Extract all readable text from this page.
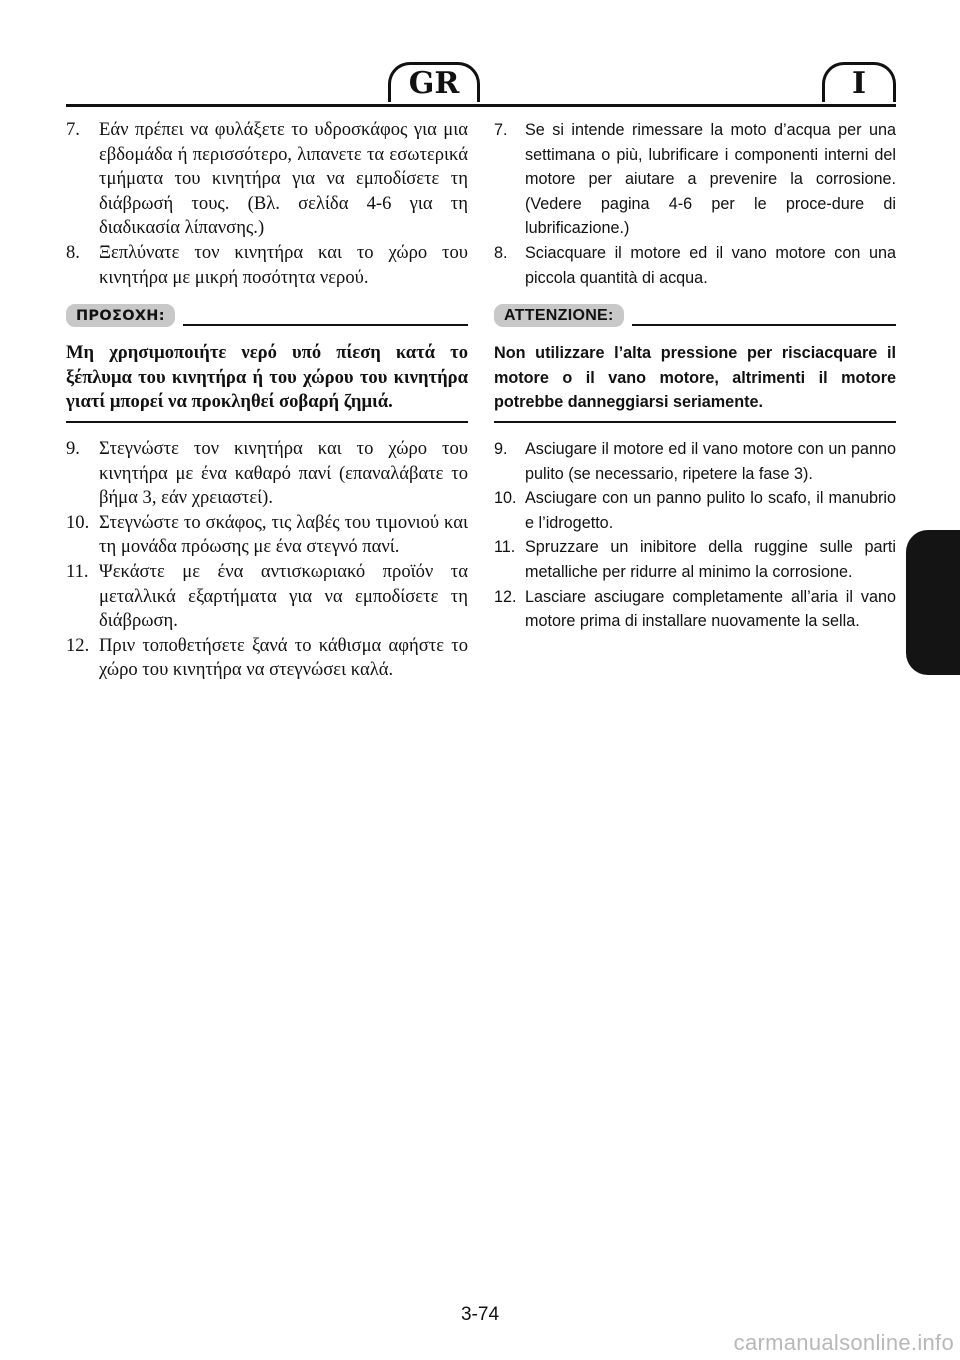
GR	I
7.	Εάν πρέπει να φυλάξετε το υδροσκάφος για μια εβδομάδα ή περισσότερο, λιπανετε τα εσωτερικά τμήματα του κινητήρα για να εμποδίσετε τη διάβρωσή τους. (Βλ. σελίδα 4-6 για τη διαδικασία λίπανσης.)
8.	Ξεπλύνατε τον κινητήρα και το χώρο του κινητήρα με μικρή ποσότητα νερού.
ΠΡΟΣΟΧΗ:
Μη χρησιμοποιήτε νερό υπό πίεση κατά το ξέπλυμα του κινητήρα ή του χώρου του κινητήρα γιατί μπορεί να προκληθεί σοβαρή ζημιά.
9.	Στεγνώστε τον κινητήρα και το χώρο του κινητήρα με ένα καθαρό πανί (επαναλάβατε το βήμα 3, εάν χρειαστεί).
10. Στεγνώστε το σκάφος, τις λαβές του τιμονιού και τη μονάδα πρόωσης με ένα στεγνό πανί.
11. Ψεκάστε με ένα αντισκωριακό προϊόν τα μεταλλικά εξαρτήματα για να εμποδίσετε τη διάβρωση.
12. Πριν τοποθετήσετε ξανά το κάθισμα αφήστε το χώρο του κινητήρα να στεγνώσει καλά.
7.	Se si intende rimessare la moto d’acqua per una settimana o più, lubrificare i componenti interni del motore per aiutare a prevenire la corrosione. (Vedere pagina 4-6 per le proce-dure di lubrificazione.)
8.	Sciacquare il motore ed il vano motore con una piccola quantità di acqua.
ATTENZIONE:
Non utilizzare l’alta pressione per risciacquare il motore o il vano motore, altrimenti il motore potrebbe danneggiarsi seriamente.
9.	Asciugare il motore ed il vano motore con un panno pulito (se necessario, ripetere la fase 3).
10. Asciugare con un panno pulito lo scafo, il manubrio e l’idrogetto.
11. Spruzzare un inibitore della ruggine sulle parti metalliche per ridurre al minimo la corrosione.
12. Lasciare asciugare completamente all’aria il vano motore prima di installare nuovamente la sella.
3-74
carmanualsonline.info
